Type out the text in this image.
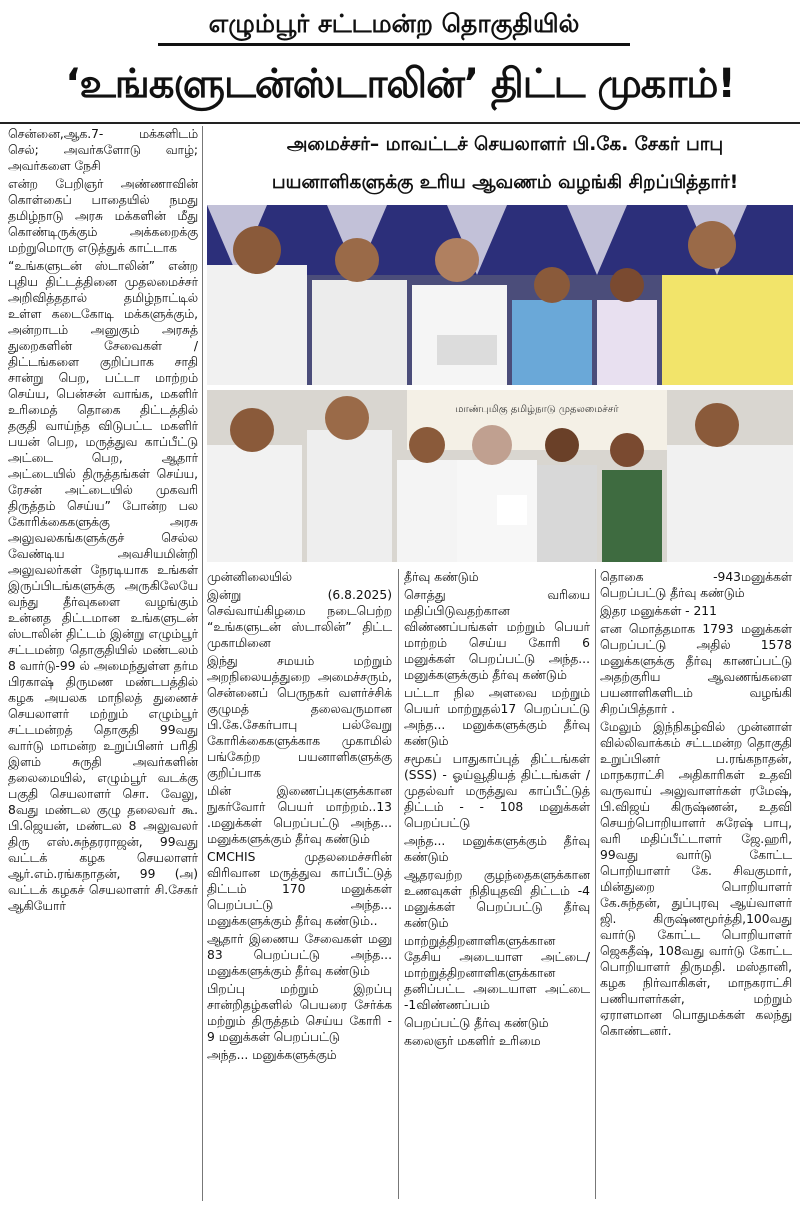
எழும்பூர் சட்டமன்ற தொகுதியில்
‘உங்களுடன்ஸ்டாலின்’ திட்ட முகாம்!
அமைச்சர்– மாவட்டச் செயலாளர் பி.கே. சேகர் பாபு
பயனாளிகளுக்கு உரிய ஆவணம் வழங்கி சிறப்பித்தார்!
மாண்புமிகு தமிழ்நாடு முதலமைச்சர்

சென்னை,ஆக.7- மக்களிடம் செல்; அவர்களோடு வாழ்; அவர்களை நேசி

என்ற பேறிஞர் அண்ணாவின் கொள்கைப் பாதையில் நமது தமிழ்நாடு அரசு மக்களின் மீது கொண்டிருக்கும் அக்கறைக்கு மற்றுமொரு எடுத்துக் காட்டாக

“உங்களுடன் ஸ்டாலின்” என்ற புதிய திட்டத்தினை முதலமைச்சர் அறிவித்ததால் தமிழ்நாட்டில் உள்ள கடைகோடி மக்களுக்கும், அன்றாடம் அனுகும் அரசுத் துறைகளின் சேவைகள் /திட்டங்களை குறிப்பாக சாதி சான்று பெற, பட்டா மாற்றம் செய்ய, பென்சன் வாங்க, மகளிர் உரிமைத் தொகை திட்டத்தில் தகுதி வாய்ந்த விடுபட்ட மகளிர் பயன் பெற, மருத்துவ காப்பீட்டு அட்டை பெற, ஆதார் அட்டையில் திருத்தங்கள் செய்ய, ரேசன் அட்டையில் முகவரி திருத்தம் செய்ய” போன்ற பல கோரிக்கைகளுக்கு அரசு அலுவலகங்களுக்குச் செல்ல வேண்டிய அவசியமின்றி அலுவலர்கள் நேரடியாக உங்கள் இருப்பிடங்களுக்கு அருகிலேயே வந்து தீர்வுகளை வழங்கும் உன்னத திட்டமான உங்களுடன் ஸ்டாலின் திட்டம் இன்று எழும்பூர் சட்டமன்ற தொகுதியில் மண்டலம் 8 வார்டு-99 ல் அமைந்துள்ள தர்ம பிரகாஷ் திருமண மண்டபத்தில் கழக அயலக மாநிலத் துணைச் செயலாளர் மற்றும் எழும்பூர் சட்டமன்றத் தொகுதி 99வது வார்டு மாமன்ற உறுப்பினர் பரிதி இளம் சுருதி அவர்களின் தலைமையில், எழும்பூர் வடக்கு பகுதி செயலாளர் சொ. வேலு, 8வது மண்டல குழு தலைவர் கூ. பி.ஜெயன், மண்டல 8 அலுவலர் திரு எஸ்.சுந்தரராஜன், 99வது வட்டக் கழக செயலாளர் ஆர்.எம்.ரங்கநாதன், 99 (அ) வட்டக் கழகச் செயலாளர் சி.சேகர் ஆகியோர்

முன்னிலையில்

இன்று (6.8.2025) செவ்வாய்கிழமை நடைபெற்ற “உங்களுடன் ஸ்டாலின்” திட்ட முகாமினை

இந்து சமயம் மற்றும் அறநிலையத்துறை அமைச்சரும், சென்னைப் பெருநகர் வளர்ச்சிக் குழுமத் தலைவருமான பி.கே.சேகர்பாபு பல்வேறு கோரிக்கைகளுக்காக முகாமில் பங்கேற்ற பயனாளிகளுக்கு குறிப்பாக

மின் இணைப்புகளுக்கான நுகர்வோர் பெயர் மாற்றம்..13 .மனுக்கள் பெறப்பட்டு அந்த... மனுக்களுக்கும் தீர்வு கண்டும்

CMCHIS முதலமைச்சரின் விரிவான மருத்துவ காப்பீட்டுத் திட்டம் 170 மனுக்கள் பெறப்பட்டு அந்த... மனுக்களுக்கும் தீர்வு கண்டும்..

ஆதார் இணைய சேவைகள் மனு 83 பெறப்பட்டு அந்த... மனுக்களுக்கும் தீர்வு கண்டும்

பிறப்பு மற்றும் இறப்பு சான்றிதழ்களில் பெயரை சேர்க்க மற்றும் திருத்தம் செய்ய கோரி - 9 மனுக்கள் பெறப்பட்டு

அந்த... மனுக்களுக்கும்

தீர்வு கண்டும்

சொத்து வரியை மதிப்பிடுவதற்கான விண்ணப்பங்கள் மற்றும் பெயர் மாற்றம் செய்ய கோரி 6 மனுக்கள் பெறப்பட்டு அந்த... மனுக்களுக்கும் தீர்வு கண்டும்

பட்டா நில அளவை மற்றும் பெயர் மாற்றுதல்17 பெறப்பட்டு அந்த... மனுக்களுக்கும் தீர்வு கண்டும்

சமூகப் பாதுகாப்புத் திட்டங்கள் (SSS) - ஓய்வூதியத் திட்டங்கள் / முதல்வர் மருத்துவ காப்பீட்டுத் திட்டம் - - 108 மனுக்கள் பெறப்பட்டு

அந்த... மனுக்களுக்கும் தீர்வு கண்டும்

ஆதரவற்ற குழந்தைகளுக்கான உணவுகள் நிதியுதவி திட்டம் -4 மனுக்கள் பெறப்பட்டு தீர்வு கண்டும்

மாற்றுத்திறனாளிகளுக்கான தேசிய அடையாள அட்டை/ மாற்றுத்திறனாளிகளுக்கான தனிப்பட்ட அடையாள அட்டை -1விண்ணப்பம்

பெறப்பட்டு தீர்வு கண்டும்

கலைஞர் மகளிர் உரிமை

தொகை -943மனுக்கள் பெறப்பட்டு தீர்வு கண்டும்

இதர மனுக்கள் - 211

என மொத்தமாக 1793 மனுக்கள் பெறப்பட்டு அதில் 1578 மனுக்களுக்கு தீர்வு காணப்பட்டு அதற்குரிய ஆவணங்களை பயனாளிகளிடம் வழங்கி சிறப்பித்தார் .

மேலும் இந்நிகழ்வில் முன்னாள் வில்லிவாக்கம் சட்டமன்ற தொகுதி உறுப்பினர் ப.ரங்கநாதன், மாநகராட்சி அதிகாரிகள் உதவி வருவாய் அலுவாளர்கள் ரமேஷ், பி.விஜய் கிருஷ்ணன், உதவி செயற்பொறியாளர் சுரேஷ் பாபு, வரி மதிப்பீட்டாளர் ஜே.ஹரி, 99வது வார்டு கோட்ட பொறியாளர் கே. சிவகுமார், மின்துறை பொறியாளர் கே.சுந்தன், துப்புரவு ஆய்வாளர் ஜி. கிருஷ்ணமூர்த்தி,100வது வார்டு கோட்ட பொறியாளர் ஜெகதீஷ், 108வது வார்டு கோட்ட பொறியாளர் திருமதி. மஸ்தானி, கழக நிர்வாகிகள், மாநகராட்சி பணியாளர்கள், மற்றும் ஏராளமான பொதுமக்கள் கலந்து கொண்டனர்.
